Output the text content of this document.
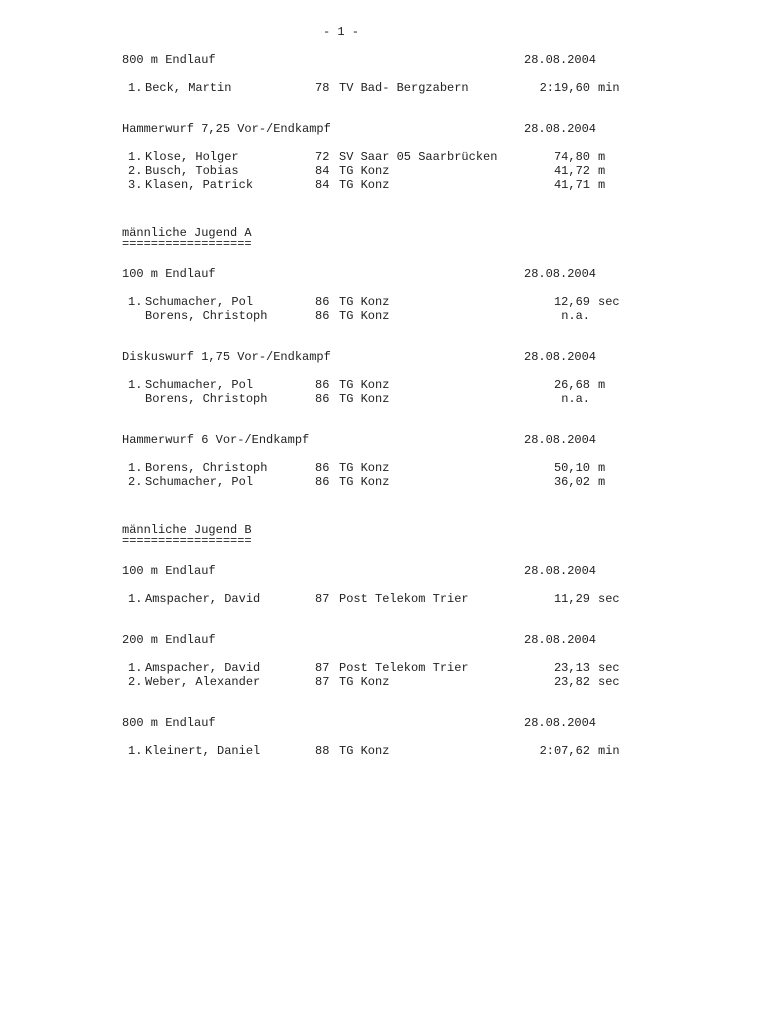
- 1 -
800 m Endlauf	28.08.2004
1. Beck, Martin	78 TV Bad- Bergzabern	2:19,60 min
Hammerwurf 7,25 Vor-/Endkampf	28.08.2004
1. Klose, Holger	72 SV Saar 05 Saarbrücken	74,80 m
2. Busch, Tobias	84 TG Konz	41,72 m
3. Klasen, Patrick	84 TG Konz	41,71 m
männliche Jugend A
==================
100 m Endlauf	28.08.2004
1. Schumacher, Pol	86 TG Konz	12,69 sec
Borens, Christoph	86 TG Konz	n.a.
Diskuswurf 1,75 Vor-/Endkampf	28.08.2004
1. Schumacher, Pol	86 TG Konz	26,68 m
Borens, Christoph	86 TG Konz	n.a.
Hammerwurf 6 Vor-/Endkampf	28.08.2004
1. Borens, Christoph	86 TG Konz	50,10 m
2. Schumacher, Pol	86 TG Konz	36,02 m
männliche Jugend B
==================
100 m Endlauf	28.08.2004
1. Amspacher, David	87 Post Telekom Trier	11,29 sec
200 m Endlauf	28.08.2004
1. Amspacher, David	87 Post Telekom Trier	23,13 sec
2. Weber, Alexander	87 TG Konz	23,82 sec
800 m Endlauf	28.08.2004
1. Kleinert, Daniel	88 TG Konz	2:07,62 min
